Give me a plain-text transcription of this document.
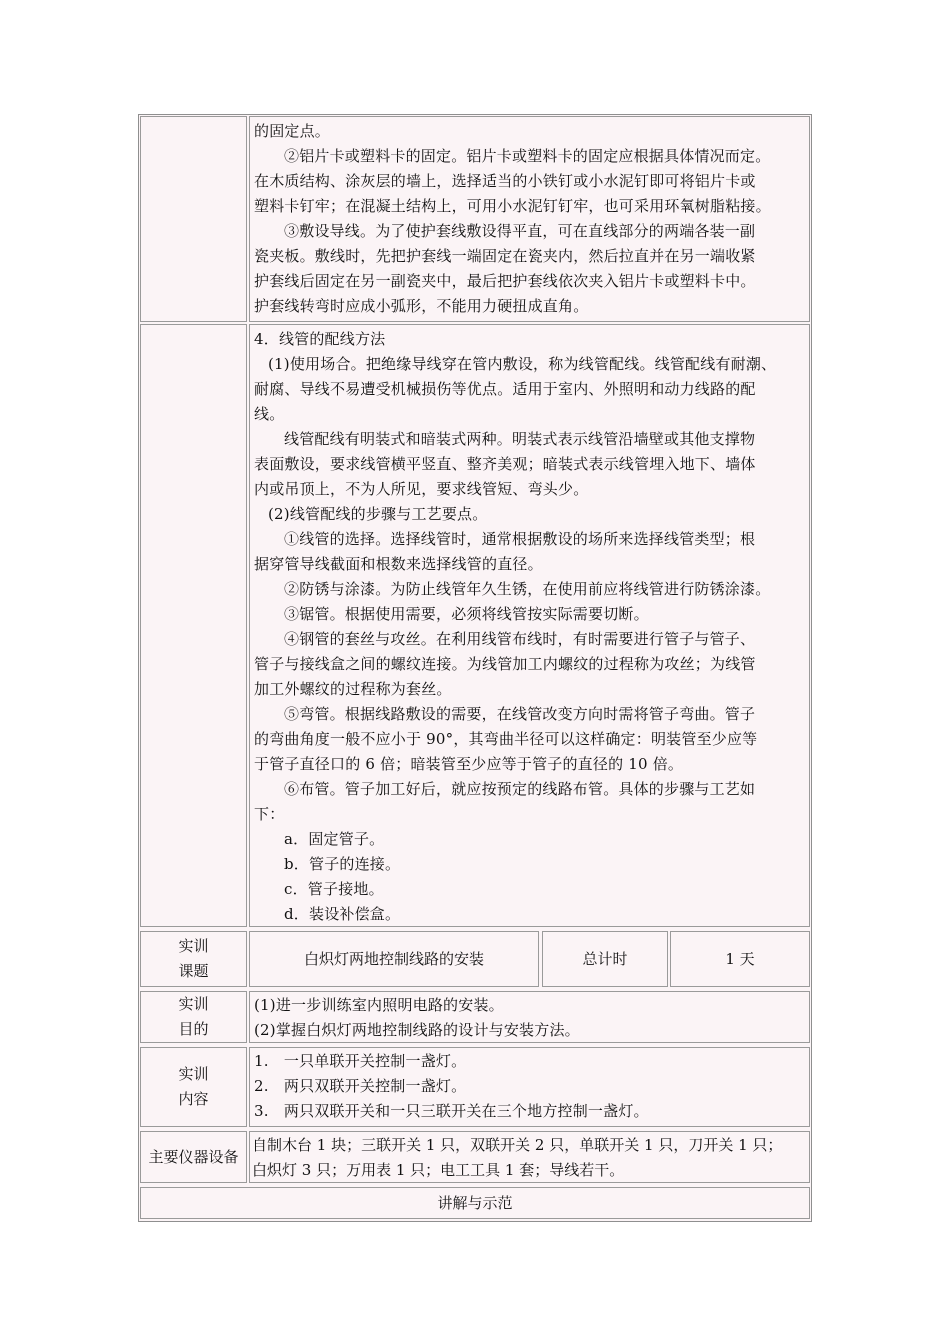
的固定点。

②铝片卡或塑料卡的固定。铝片卡或塑料卡的固定应根据具体情况而定。

在木质结构、涂灰层的墙上，选择适当的小铁钉或小水泥钉即可将铝片卡或

塑料卡钉牢；在混凝土结构上，可用小水泥钉钉牢，也可采用环氧树脂粘接。

③敷设导线。为了使护套线敷设得平直，可在直线部分的两端各装一副

瓷夹板。敷线时，先把护套线一端固定在瓷夹内，然后拉直并在另一端收紧

护套线后固定在另一副瓷夹中，最后把护套线依次夹入铝片卡或塑料卡中。

护套线转弯时应成小弧形，不能用力硬扭成直角。

4．线管的配线方法

(1)使用场合。把绝缘导线穿在管内敷设，称为线管配线。线管配线有耐潮、

耐腐、导线不易遭受机械损伤等优点。适用于室内、外照明和动力线路的配

线。

线管配线有明装式和暗装式两种。明装式表示线管沿墙壁或其他支撑物

表面敷设，要求线管横平竖直、整齐美观；暗装式表示线管埋入地下、墙体

内或吊顶上，不为人所见，要求线管短、弯头少。

(2)线管配线的步骤与工艺要点。

①线管的选择。选择线管时，通常根据敷设的场所来选择线管类型；根

据穿管导线截面和根数来选择线管的直径。

②防锈与涂漆。为防止线管年久生锈，在使用前应将线管进行防锈涂漆。

③锯管。根据使用需要，必须将线管按实际需要切断。

④钢管的套丝与攻丝。在利用线管布线时，有时需要进行管子与管子、

管子与接线盒之间的螺纹连接。为线管加工内螺纹的过程称为攻丝；为线管

加工外螺纹的过程称为套丝。

⑤弯管。根据线路敷设的需要，在线管改变方向时需将管子弯曲。管子

的弯曲角度一般不应小于 90°，其弯曲半径可以这样确定：明装管至少应等

于管子直径口的 6 倍；暗装管至少应等于管子的直径的 10 倍。

⑥布管。管子加工好后，就应按预定的线路布管。具体的步骤与工艺如

下：

a．固定管子。

b．管子的连接。

c．管子接地。

d．装设补偿盒。

实训
课题
白炽灯两地控制线路的安装	总计时	1 天
实训
目的

(1)进一步训练室内照明电路的安装。

(2)掌握白炽灯两地控制线路的设计与安装方法。

实训
内容

1.　一只单联开关控制一盏灯。

2.　两只双联开关控制一盏灯。

3.　两只双联开关和一只三联开关在三个地方控制一盏灯。

主要仪器设备

自制木台 1 块；三联开关 1 只，双联开关 2 只，单联开关 1 只，刀开关 1 只；

白炽灯 3 只；万用表 1 只；电工工具 1 套；导线若干。

讲解与示范
